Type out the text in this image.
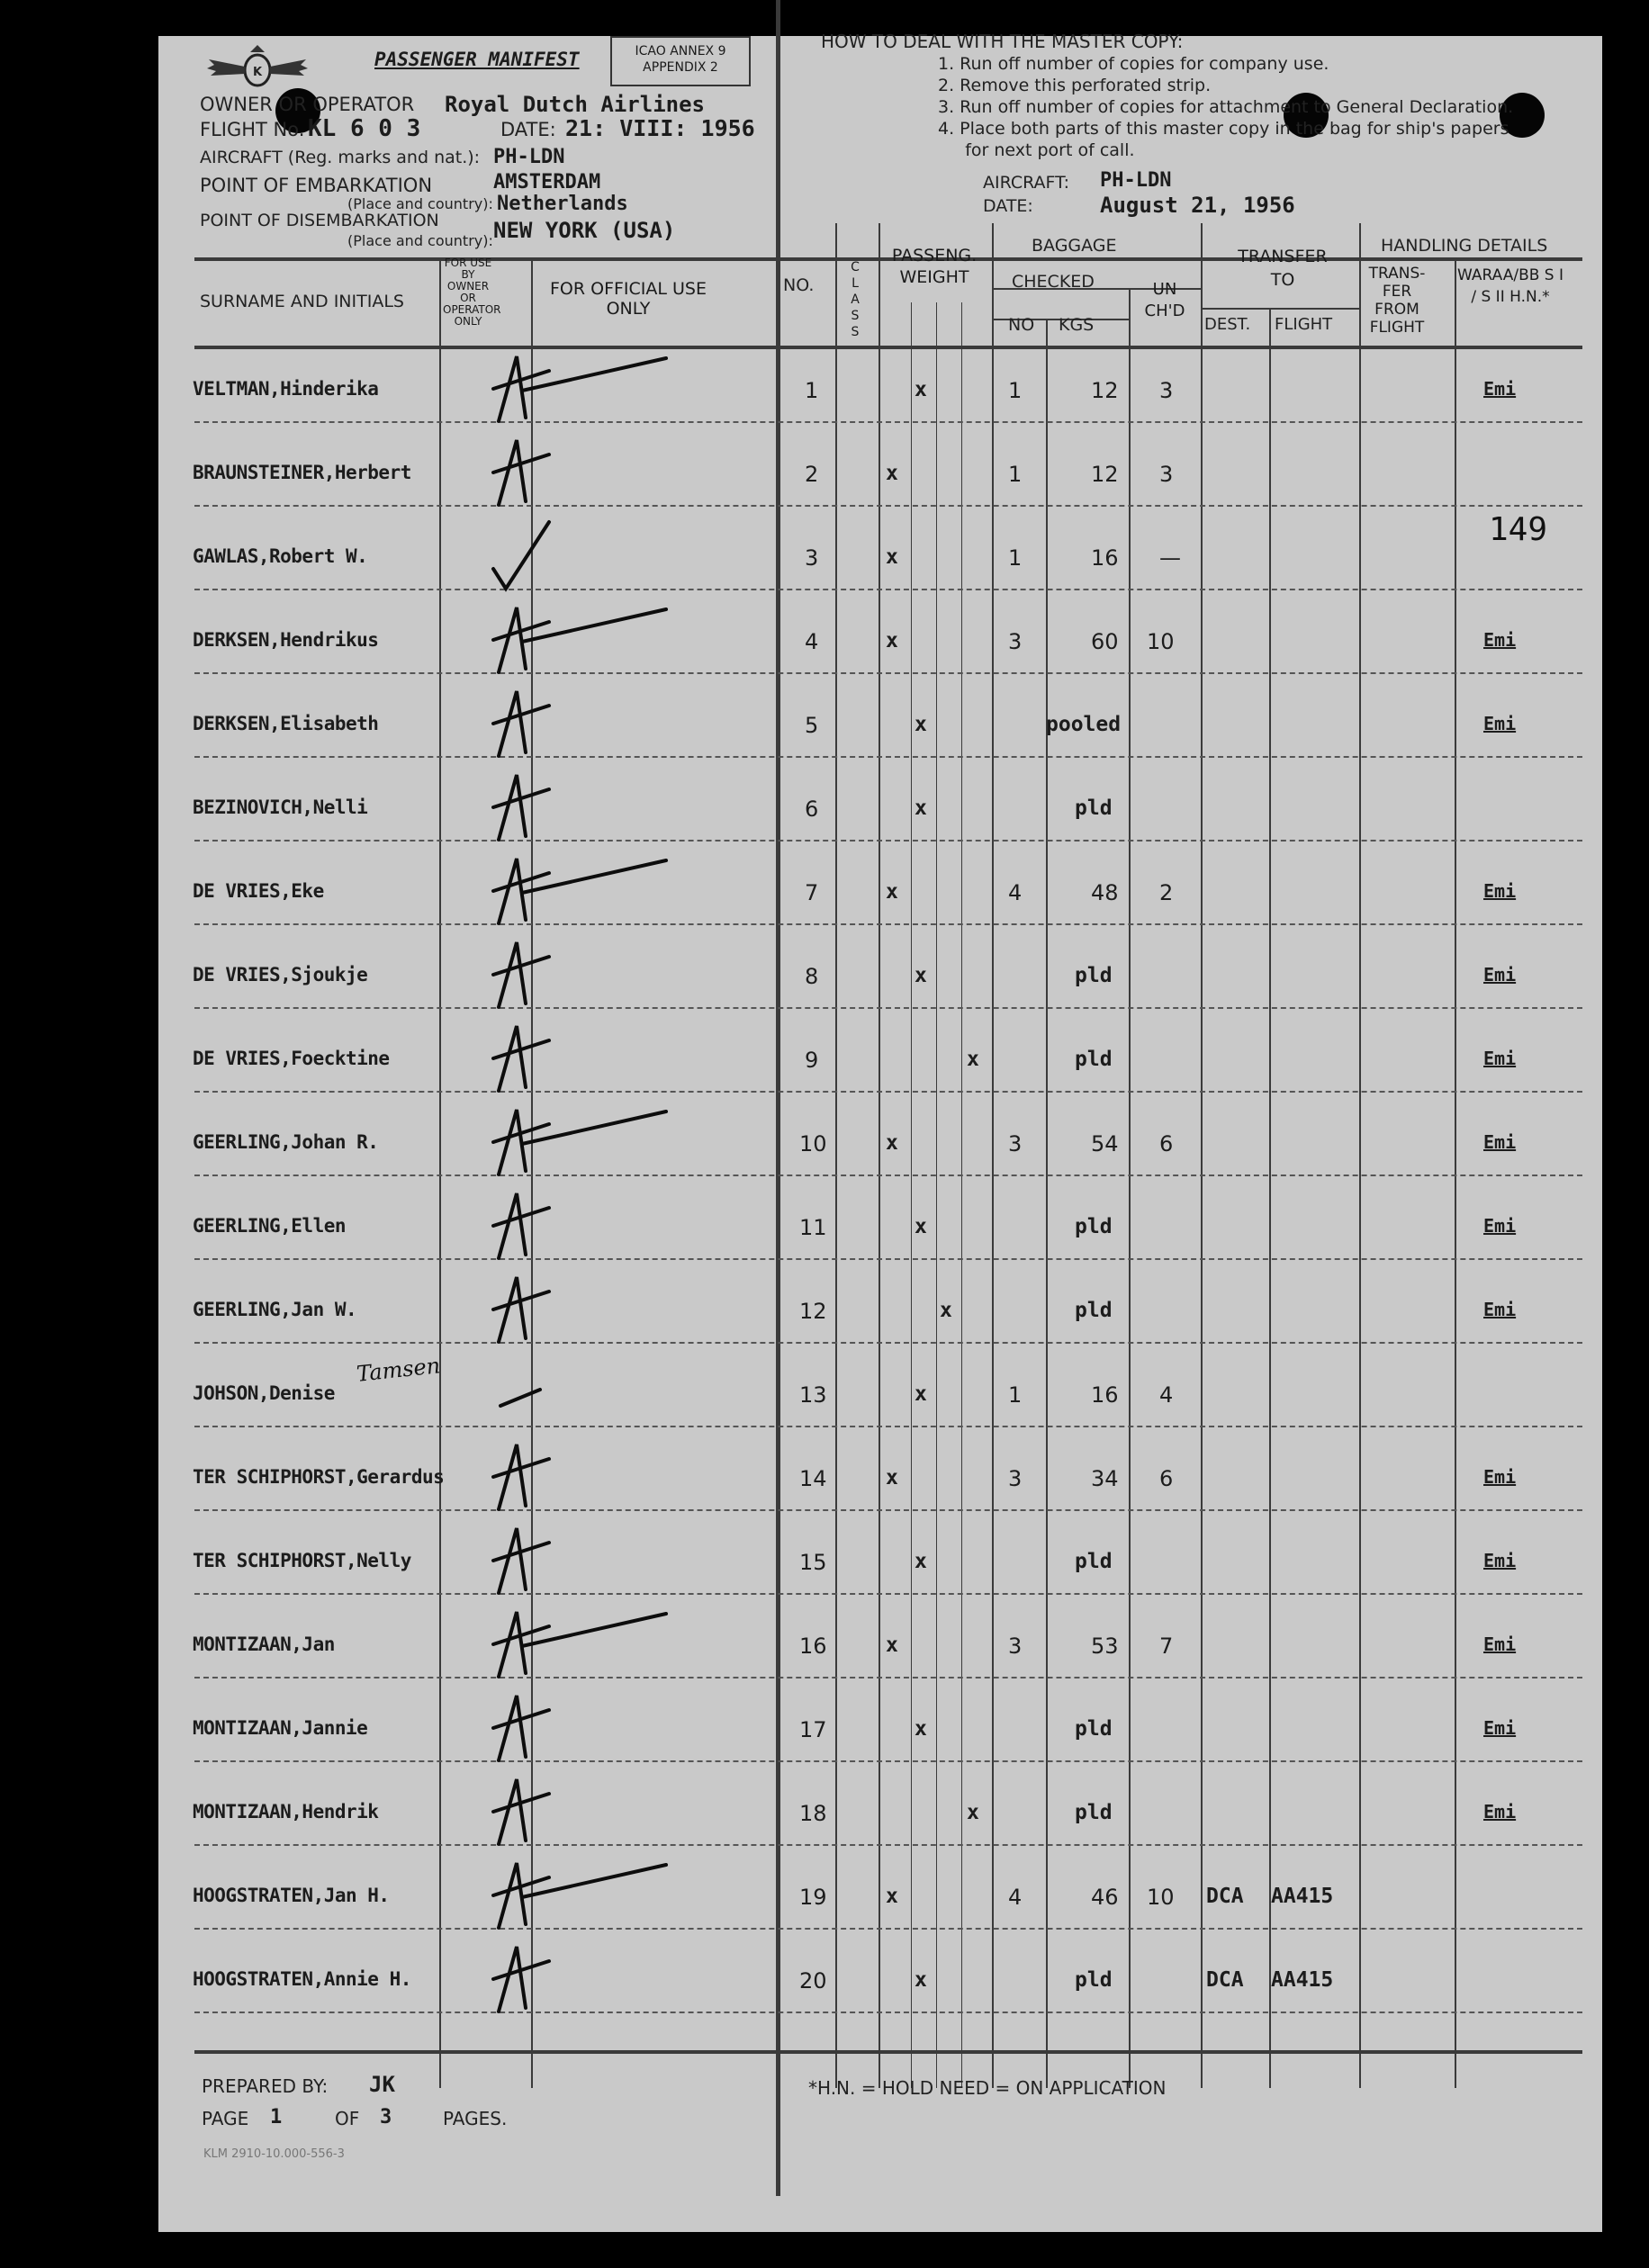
K
PASSENGER MANIFEST	ICAO ANNEX 9
APPENDIX 2
OWNER OR OPERATOR Royal Dutch Airlines
FLIGHT No. KL 6 0 3	DATE: 21: VIII: 1956
AIRCRAFT (Reg. marks and nat.): PH-LDN
POINT OF EMBARKATION	AMSTERDAM
(Place and country): Netherlands
POINT OF DISEMBARKATION
(Place and country): NEW YORK (USA)
HOW TO DEAL WITH THE MASTER COPY:
1. Run off number of copies for company use.
2. Remove this perforated strip.
3. Run off number of copies for attachment to General Declaration.
4. Place both parts of this master copy in the bag for ship's papers
for next port of call.
AIRCRAFT: PH-LDN
DATE:	August 21, 1956
SURNAME AND INITIALS
FOR USE BY OWNER OR OPERATOR ONLY
FOR OFFICIAL USE ONLY
NO.
CLASS
PASSENG. WEIGHT
BAGGAGE
CHECKED
NO KGS
UN CH'D
TRANSFER TO
DEST. FLIGHT
HANDLING DETAILS
TRANS-FER FROM FLIGHT
WARAA/BB S I / S II H.N.*
VELTMAN,Hinderika	1	x	1	12 3	Emi
BRAUNSTEINER,Herbert	2	x	1	12 3
GAWLAS,Robert W.	3	x	1	16 —
DERKSEN,Hendrikus	4	x	3	60 10	Emi
DERKSEN,Elisabeth	5	x	pooled	Emi
BEZINOVICH,Nelli	6	x	pld
DE VRIES,Eke	7	x	4	48 2	Emi
DE VRIES,Sjoukje	8	x	pld	Emi
DE VRIES,Foecktine	9	x	pld	Emi
GEERLING,Johan R.	10	x	3	54 6	Emi
GEERLING,Ellen	11	x	pld	Emi
GEERLING,Jan W.	12	x	pld	Emi
JOHSON,Denise	13	x	1	16 4
TER SCHIPHORST,Gerardus	14	x	3	34 6	Emi
TER SCHIPHORST,Nelly	15	x	pld	Emi
MONTIZAAN,Jan	16	x	3	53 7	Emi
MONTIZAAN,Jannie	17	x	pld	Emi
MONTIZAAN,Hendrik	18	x	pld	Emi
HOOGSTRATEN,Jan H.	19	x	4	46 10 DCA AA415
HOOGSTRATEN,Annie H.	20	x	pld	DCA AA415
149
Tamsen
PREPARED BY: JK
PAGE 1	OF 3	PAGES.
KLM 2910-10.000-556-3
*H.N. = HOLD NEED = ON APPLICATION
